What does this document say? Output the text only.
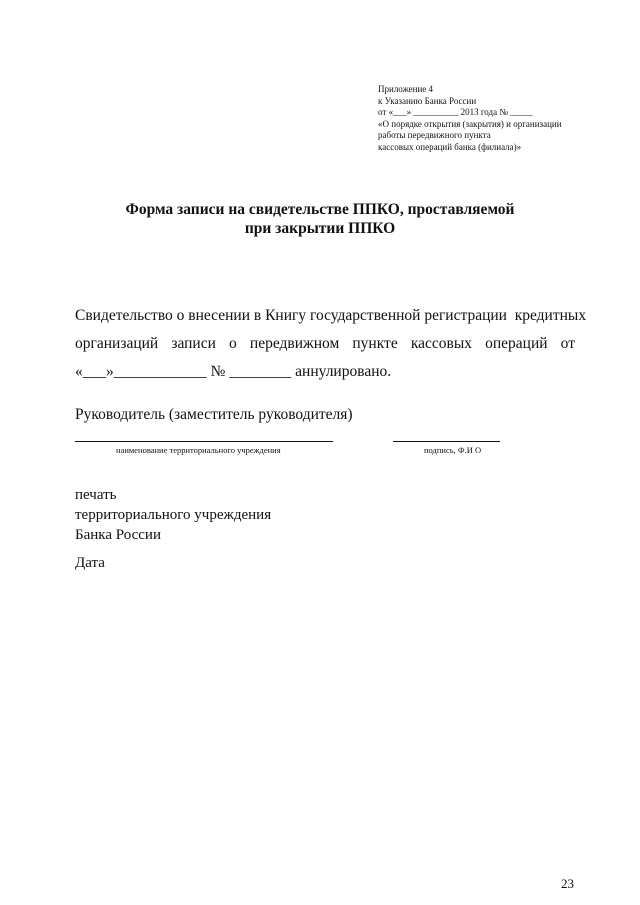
Приложение 4
к Указанию Банка России
от «___» __________ 2013 года № _____
«О порядке открытия (закрытия) и организации
работы передвижного пункта
кассовых операций банка (филиала)»
Форма записи на свидетельстве ППКО, проставляемой
при закрытии ППКО
Свидетельство о внесении в Книгу государственной регистрации  кредитных
организаций  записи  о  передвижном  пункте  кассовых  операций  от
«___»____________ № ________ аннулировано.
Руководитель (заместитель руководителя)
наименование территориального учреждения	подпись, Ф.И О
печать
территориального учреждения
Банка России
Дата
23
